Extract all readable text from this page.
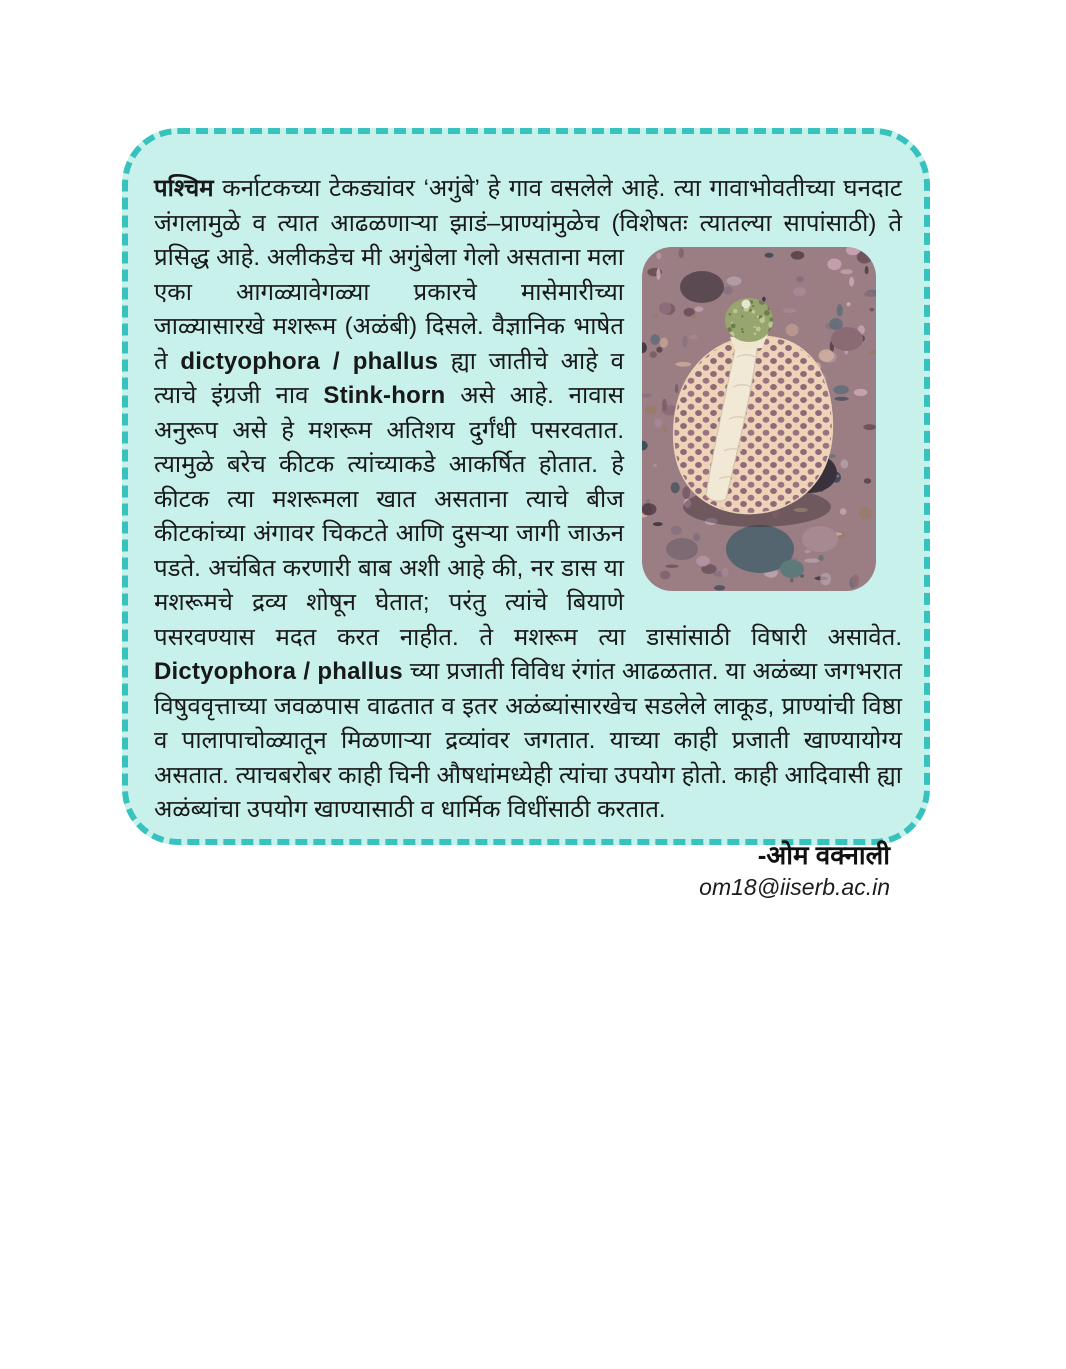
पश्चिम कर्नाटकच्या टेकड्यांवर ‘अगुंबे’ हे गाव वसलेले आहे. त्या गावाभोवतीच्या घनदाट जंगलामुळे व त्यात आढळणाऱ्या झाडं–प्राण्यांमुळेच (विशेषतः त्यातल्या सापांसाठी) ते
प्रसिद्ध आहे. अलीकडेच मी अगुंबेला गेलो असताना मला एका आगळ्यावेगळ्या प्रकारचे मासेमारीच्या जाळ्यासारखे मशरूम (अळंबी) दिसले. वैज्ञानिक भाषेत ते dictyophora / phallus ह्या जातीचे आहे व त्याचे इंग्रजी नाव Stink-horn असे आहे. नावास अनुरूप असे हे मशरूम अतिशय दुर्गंधी पसरवतात. त्यामुळे बरेच कीटक त्यांच्याकडे आकर्षित होतात. हे कीटक त्या मशरूमला खात असताना त्याचे बीज कीटकांच्या अंगावर चिकटते आणि दुसऱ्या जागी जाऊन पडते. अचंबित करणारी बाब अशी आहे की, नर डास या मशरूमचे द्रव्य शोषून घेतात; परंतु त्यांचे बियाणे पसरवण्यास मदत करत नाहीत. ते मशरूम त्या डासांसाठी विषारी असावेत. Dictyophora / phallus च्या प्रजाती विविध रंगांत आढळतात. या अळंब्या जगभरात विषुववृत्ताच्या जवळपास वाढतात व इतर अळंब्यांसारखेच सडलेले लाकूड, प्राण्यांची विष्ठा व पालापाचोळ्यातून मिळणाऱ्या द्रव्यांवर जगतात. याच्या काही प्रजाती खाण्यायोग्य असतात. त्याचबरोबर काही चिनी औषधांमध्येही त्यांचा उपयोग होतो. काही आदिवासी ह्या अळंब्यांचा उपयोग खाण्यासाठी व धार्मिक विधींसाठी करतात.

-ओम वक्नाली
om18@iiserb.ac.in
